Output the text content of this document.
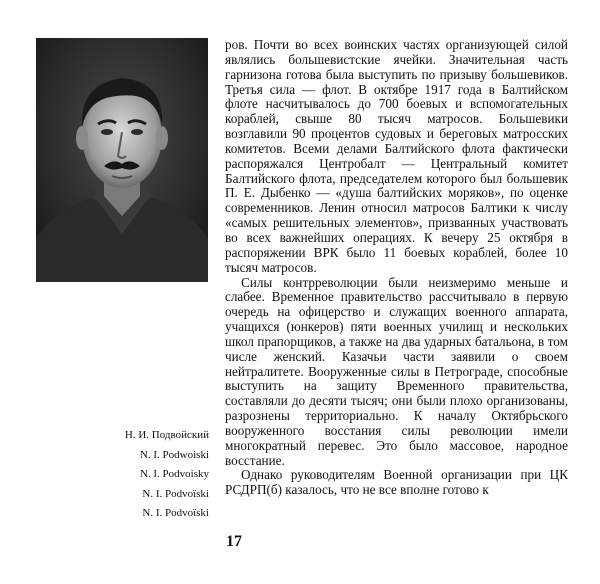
Н. И. Подвойский
N. I. Podwoiski
N. I. Podvoisky
N. I. Podvoïski
N. I. Podvoïski

ров. Почти во всех воинских частях организующей силой являлись большевистские ячейки. Значительная часть гарнизона готова была выступить по призыву большевиков. Третья сила — флот. В октябре 1917 года в Балтийском флоте насчитывалось до 700 боевых и вспомогательных кораблей, свыше 80 тысяч матросов. Большевики возглавили 90 процентов судовых и береговых матросских комитетов. Всеми делами Балтийского флота фактически распоряжался Центробалт — Центральный комитет Балтийского флота, председателем которого был большевик П. Е. Дыбенко — «душа балтийских моряков», по оценке современников. Ленин относил матросов Балтики к числу «самых решительных элементов», призванных участвовать во всех важнейших операциях. К вечеру 25 октября в распоряжении ВРК было 11 боевых кораблей, более 10 тысяч матросов.

Силы контрреволюции были неизмеримо меньше и слабее. Временное правительство рассчитывало в первую очередь на офицерство и служащих военного аппарата, учащихся (юнкеров) пяти военных училищ и нескольких школ прапорщиков, а также на два ударных батальона, в том числе женский. Казачьи части заявили о своем нейтралитете. Вооруженные силы в Петрограде, способные выступить на защиту Временного правительства, составляли до десяти тысяч; они были плохо организованы, разрознены территориально. К началу Октябрьского вооруженного восстания силы революции имели многократный перевес. Это было массовое, народное восстание.

Однако руководителям Военной организации при ЦК РСДРП(б) казалось, что не все вполне готово к

17
